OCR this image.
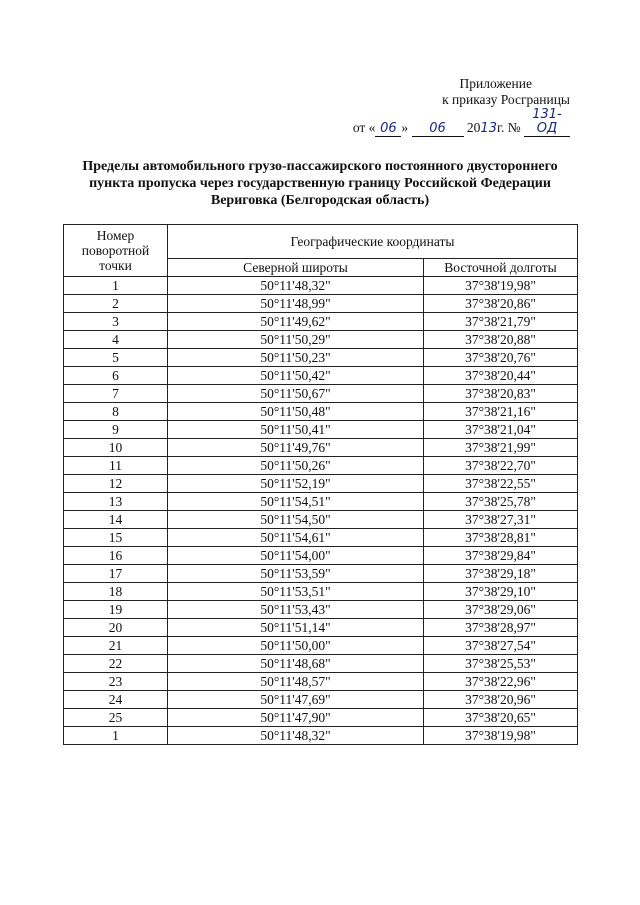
Приложение
к приказу Росграницы
от « 06 » 06 2013г. № 131-ОД
Пределы автомобильного грузо-пассажирского постоянного двустороннего
пункта пропуска через государственную границу Российской Федерации
Вериговка (Белгородская область)
Номер
поворотной
точки	Географические координаты	
	Северной широты	Восточной долготы
1	50°11'48,32"	37°38'19,98"
2	50°11'48,99"	37°38'20,86"
3	50°11'49,62"	37°38'21,79"
4	50°11'50,29"	37°38'20,88"
5	50°11'50,23"	37°38'20,76"
6	50°11'50,42"	37°38'20,44"
7	50°11'50,67"	37°38'20,83"
8	50°11'50,48"	37°38'21,16"
9	50°11'50,41"	37°38'21,04"
10	50°11'49,76"	37°38'21,99"
11	50°11'50,26"	37°38'22,70"
12	50°11'52,19"	37°38'22,55"
13	50°11'54,51"	37°38'25,78"
14	50°11'54,50"	37°38'27,31"
15	50°11'54,61"	37°38'28,81"
16	50°11'54,00"	37°38'29,84"
17	50°11'53,59"	37°38'29,18"
18	50°11'53,51"	37°38'29,10"
19	50°11'53,43"	37°38'29,06"
20	50°11'51,14"	37°38'28,97"
21	50°11'50,00"	37°38'27,54"
22	50°11'48,68"	37°38'25,53"
23	50°11'48,57"	37°38'22,96"
24	50°11'47,69"	37°38'20,96"
25	50°11'47,90"	37°38'20,65"
1	50°11'48,32"	37°38'19,98"
